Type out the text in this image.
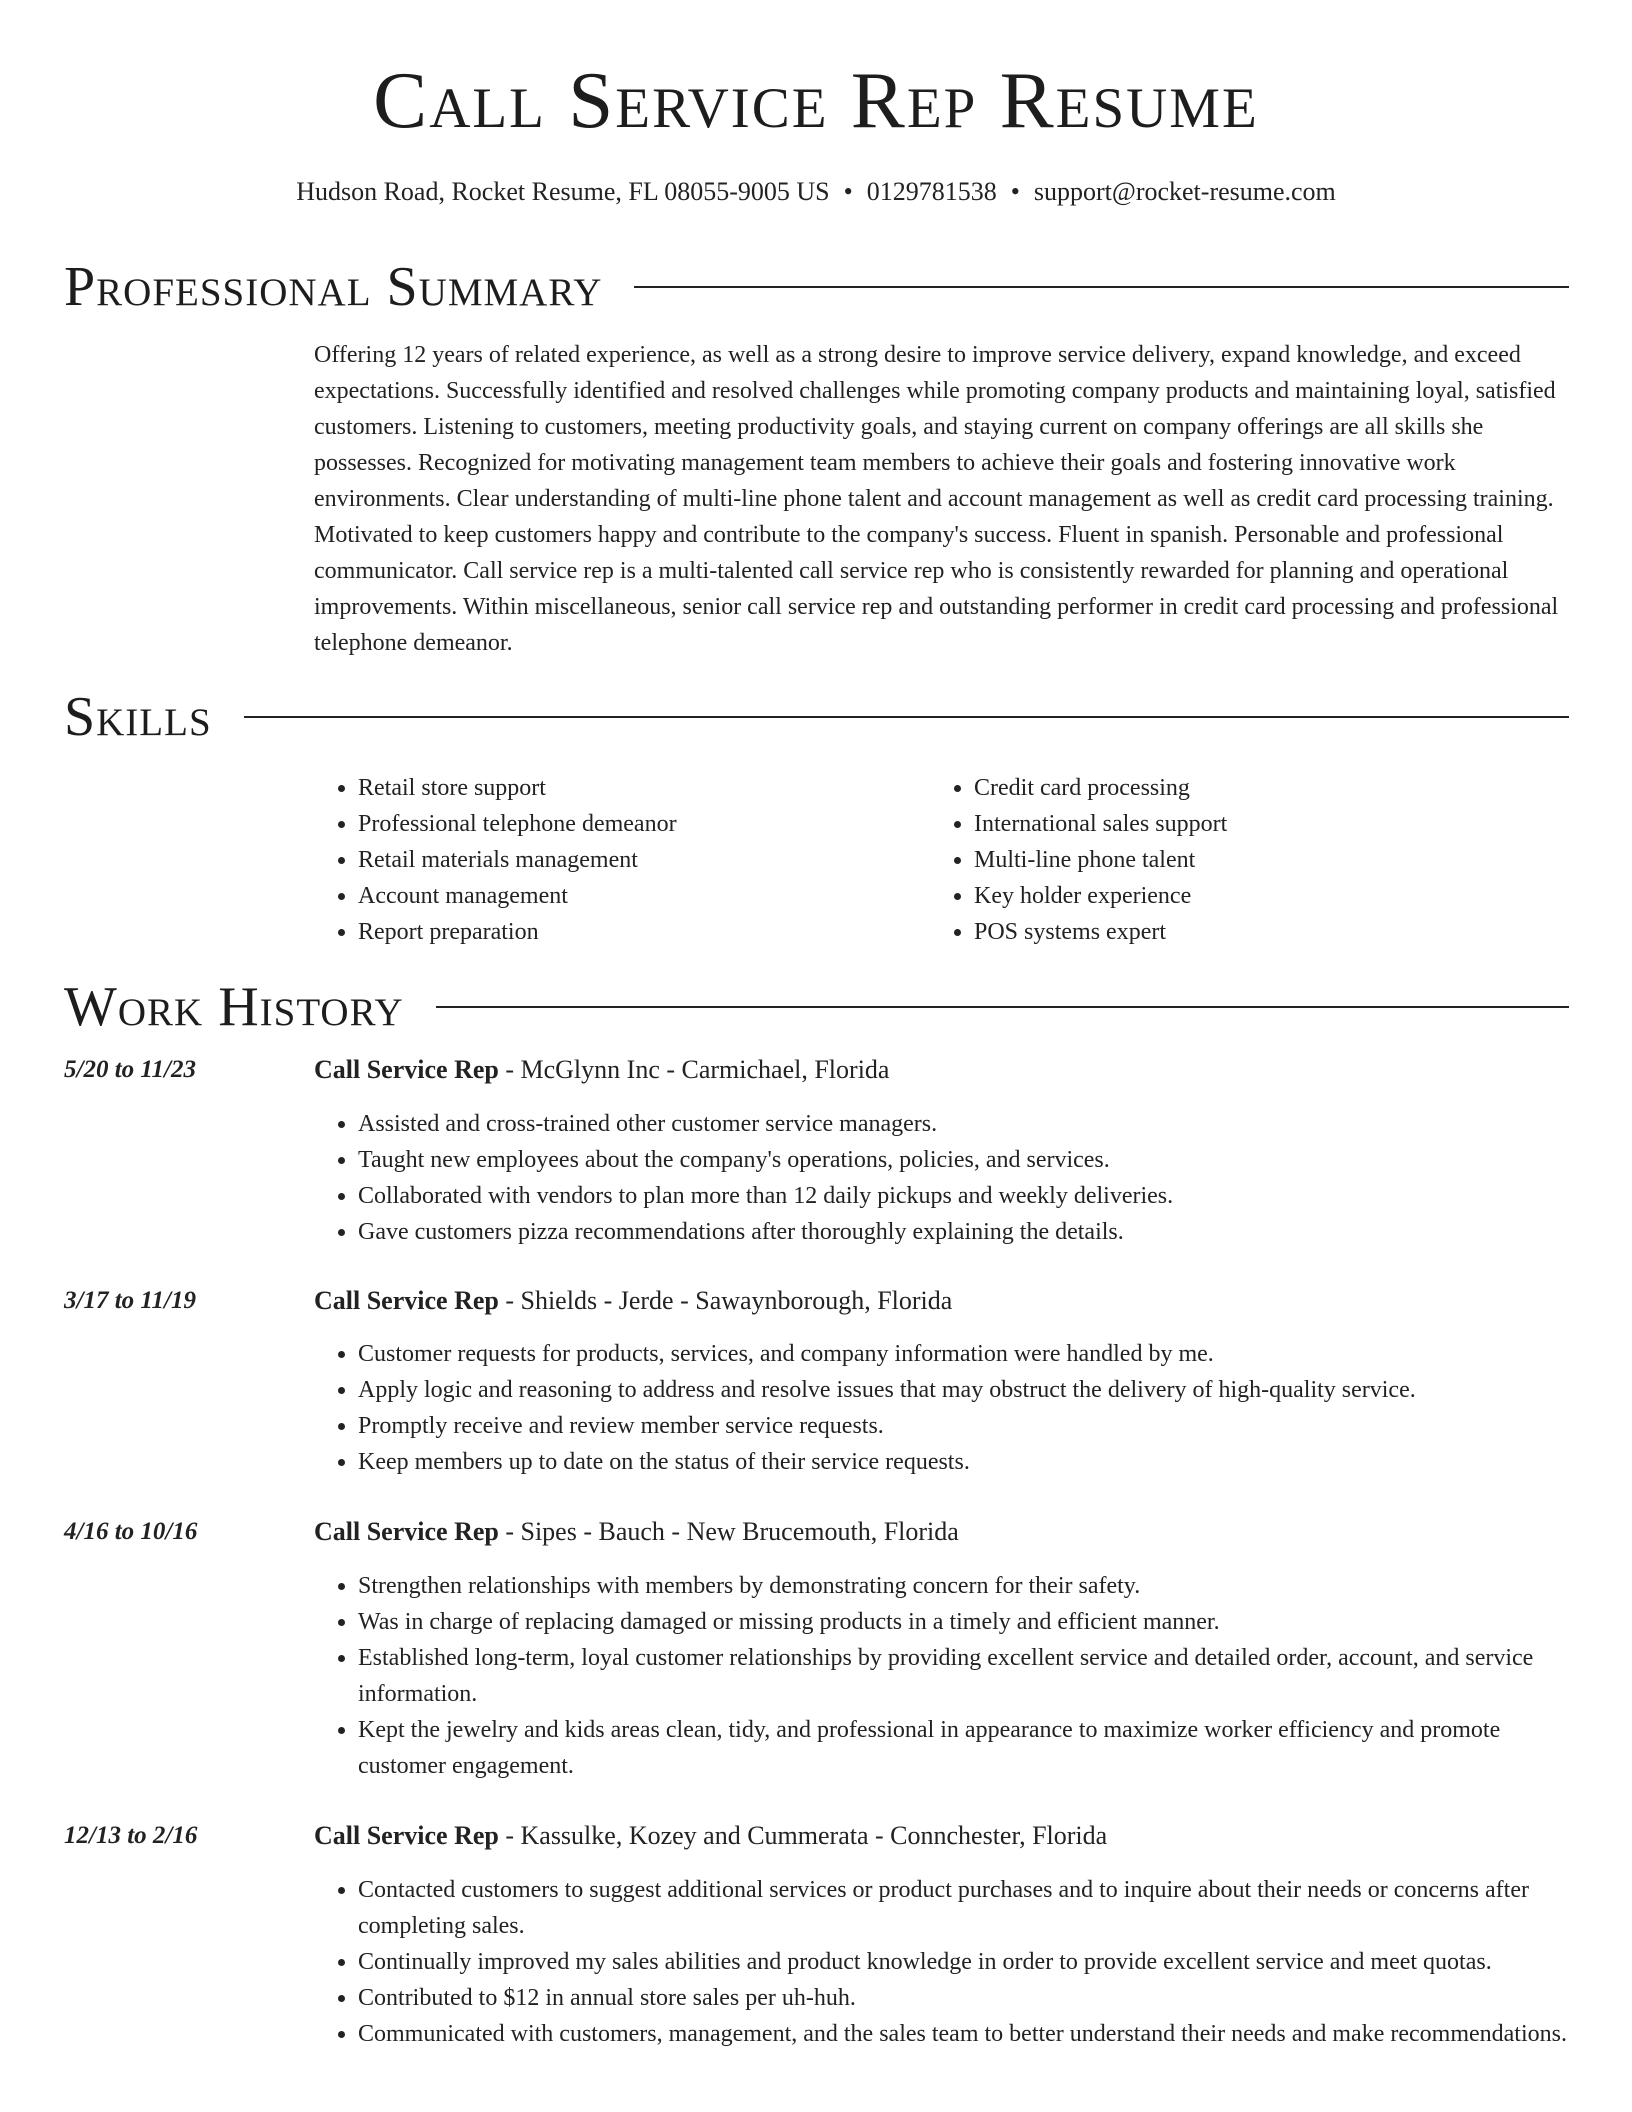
Call Service Rep Resume
Hudson Road, Rocket Resume, FL 08055-9005 US • 0129781538 • support@rocket-resume.com
Professional Summary

Offering 12 years of related experience, as well as a strong desire to improve service delivery, expand knowledge, and exceed expectations. Successfully identified and resolved challenges while promoting company products and maintaining loyal, satisfied customers. Listening to customers, meeting productivity goals, and staying current on company offerings are all skills she possesses. Recognized for motivating management team members to achieve their goals and fostering innovative work environments. Clear understanding of multi-line phone talent and account management as well as credit card processing training. Motivated to keep customers happy and contribute to the company's success. Fluent in spanish. Personable and professional communicator. Call service rep is a multi-talented call service rep who is consistently rewarded for planning and operational improvements. Within miscellaneous, senior call service rep and outstanding performer in credit card processing and professional telephone demeanor.

Skills
• Retail store support
• Professional telephone demeanor
• Retail materials management
• Account management
• Report preparation
• Credit card processing
• International sales support
• Multi-line phone talent
• Key holder experience
• POS systems expert
Work History
5/20 to 11/23	Call Service Rep - McGlynn Inc - Carmichael, Florida
• Assisted and cross-trained other customer service managers.
• Taught new employees about the company's operations, policies, and services.
• Collaborated with vendors to plan more than 12 daily pickups and weekly deliveries.
• Gave customers pizza recommendations after thoroughly explaining the details.
3/17 to 11/19	Call Service Rep - Shields - Jerde - Sawaynborough, Florida
• Customer requests for products, services, and company information were handled by me.
• Apply logic and reasoning to address and resolve issues that may obstruct the delivery of high-quality service.
• Promptly receive and review member service requests.
• Keep members up to date on the status of their service requests.
4/16 to 10/16	Call Service Rep - Sipes - Bauch - New Brucemouth, Florida
• Strengthen relationships with members by demonstrating concern for their safety.
• Was in charge of replacing damaged or missing products in a timely and efficient manner.
• Established long-term, loyal customer relationships by providing excellent service and detailed order, account, and service information.
• Kept the jewelry and kids areas clean, tidy, and professional in appearance to maximize worker efficiency and promote customer engagement.
12/13 to 2/16	Call Service Rep - Kassulke, Kozey and Cummerata - Connchester, Florida
• Contacted customers to suggest additional services or product purchases and to inquire about their needs or concerns after completing sales.
• Continually improved my sales abilities and product knowledge in order to provide excellent service and meet quotas.
• Contributed to $12 in annual store sales per uh-huh.
• Communicated with customers, management, and the sales team to better understand their needs and make recommendations.
